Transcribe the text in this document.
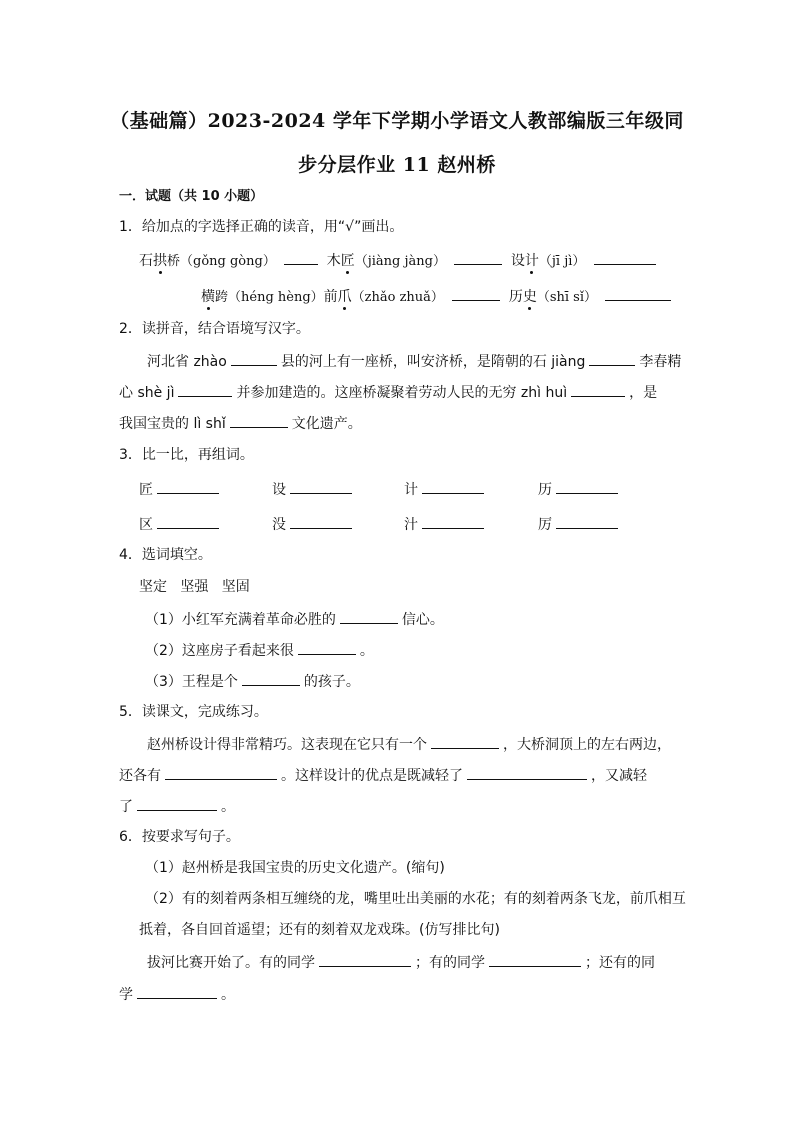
（基础篇）2023-2024 学年下学期小学语文人教部编版三年级同
步分层作业 11 赵州桥
一．试题（共 10 小题）
1．给加点的字选择正确的读音，用“√”画出。
石拱桥（gǒng gòng）	木匠（jiàng jàng）	设计（jī jì）
横跨（héng hèng）前爪（zhǎo zhuǎ）	历史（shī sǐ）
2．读拼音，结合语境写汉字。
河北省 zhào	县的河上有一座桥，叫安济桥，是隋朝的石 jiàng	李春精
心 shè jì	并参加建造的。这座桥凝聚着劳动人民的无穷 zhì huì	，是
我国宝贵的 lì shǐ	文化遗产。
3．比一比，再组词。
匠	设	计	历
区	没	汁	厉
4．选词填空。
坚定   坚强   坚固
（1）小红军充满着革命必胜的	信心。
（2）这座房子看起来很	。
（3）王程是个	的孩子。
5．读课文，完成练习。
赵州桥设计得非常精巧。这表现在它只有一个	，大桥洞顶上的左右两边，
还各有	。这样设计的优点是既减轻了	，又减轻
了	。
6．按要求写句子。
（1）赵州桥是我国宝贵的历史文化遗产。(缩句)
（2）有的刻着两条相互缠绕的龙，嘴里吐出美丽的水花；有的刻着两条飞龙，前爪相互
抵着，各自回首遥望；还有的刻着双龙戏珠。(仿写排比句)
拔河比赛开始了。有的同学	；有的同学	；还有的同
学	。
